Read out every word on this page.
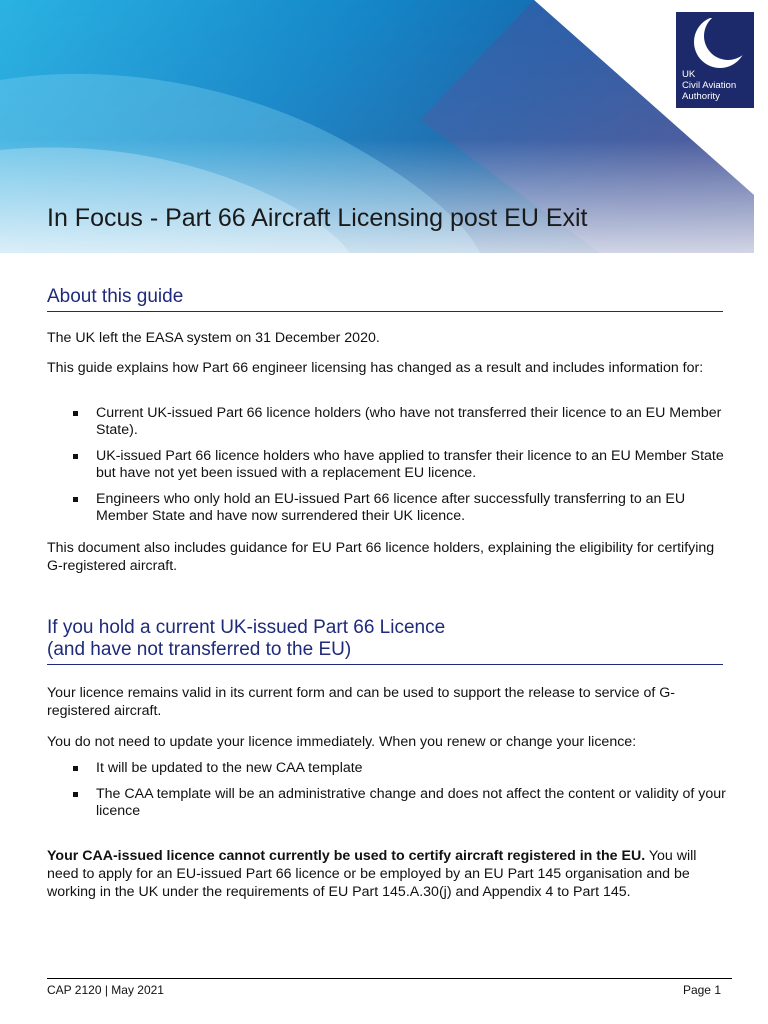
UK
Civil Aviation
Authority
In Focus - Part 66 Aircraft Licensing post EU Exit
About this guide

The UK left the EASA system on 31 December 2020.

This guide explains how Part 66 engineer licensing has changed as a result and includes information for:

Current UK-issued Part 66 licence holders (who have not transferred their licence to an EU Member State).
UK-issued Part 66 licence holders who have applied to transfer their licence to an EU Member State but have not yet been issued with a replacement EU licence.
Engineers who only hold an EU-issued Part 66 licence after successfully transferring to an EU Member State and have now surrendered their UK licence.

This document also includes guidance for EU Part 66 licence holders, explaining the eligibility for certifying G-registered aircraft.

If you hold a current UK-issued Part 66 Licence
(and have not transferred to the EU)

Your licence remains valid in its current form and can be used to support the release to service of G-registered aircraft.

You do not need to update your licence immediately. When you renew or change your licence:

It will be updated to the new CAA template
The CAA template will be an administrative change and does not affect the content or validity of your licence
Your CAA-issued licence cannot currently be used to certify aircraft registered in the EU. You will need to apply for an EU-issued Part 66 licence or be employed by an EU Part 145 organisation and be working in the UK under the requirements of EU Part 145.A.30(j) and Appendix 4 to Part 145.
CAP 2120 | May 2021	Page 1
